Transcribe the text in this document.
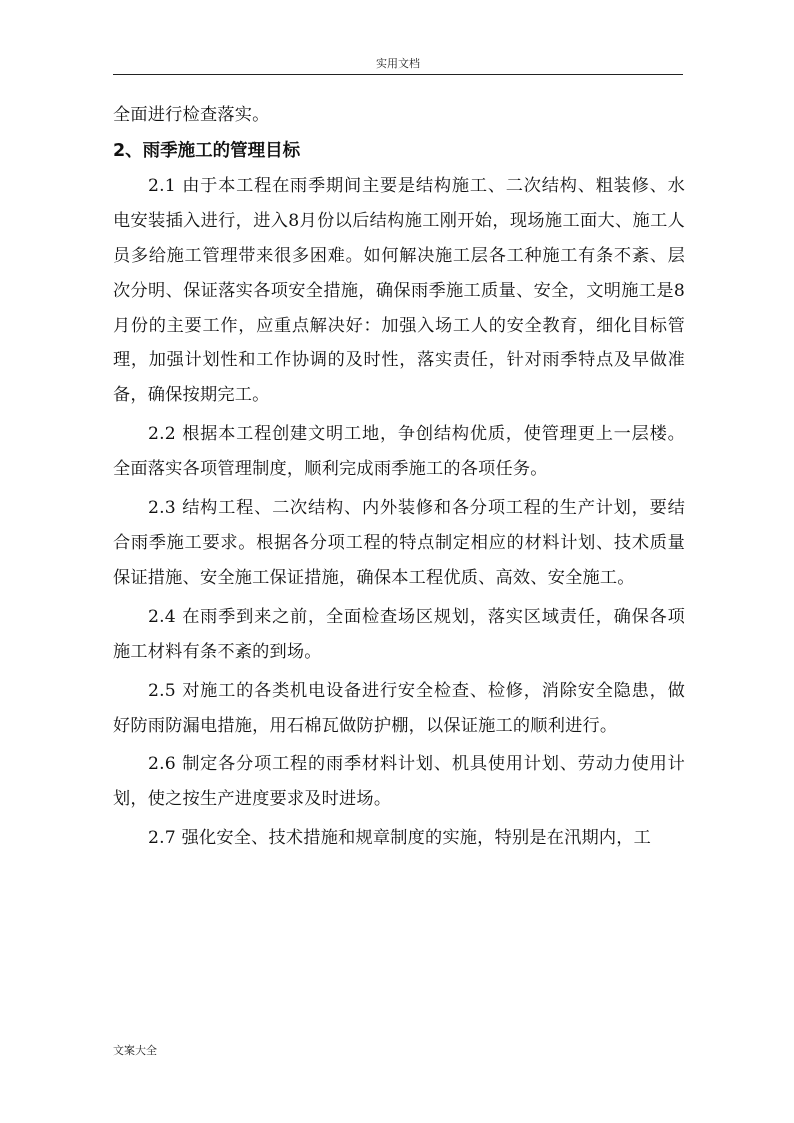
实用文档

全面进行检查落实。

2、雨季施工的管理目标

2.1 由于本工程在雨季期间主要是结构施工、二次结构、粗装修、水电安装插入进行，进入8月份以后结构施工刚开始，现场施工面大、施工人员多给施工管理带来很多困难。如何解决施工层各工种施工有条不紊、层次分明、保证落实各项安全措施，确保雨季施工质量、安全，文明施工是8月份的主要工作，应重点解决好：加强入场工人的安全教育，细化目标管理，加强计划性和工作协调的及时性，落实责任，针对雨季特点及早做准备，确保按期完工。

2.2 根据本工程创建文明工地，争创结构优质，使管理更上一层楼。全面落实各项管理制度，顺利完成雨季施工的各项任务。

2.3 结构工程、二次结构、内外装修和各分项工程的生产计划，要结合雨季施工要求。根据各分项工程的特点制定相应的材料计划、技术质量保证措施、安全施工保证措施，确保本工程优质、高效、安全施工。

2.4 在雨季到来之前，全面检查场区规划，落实区域责任，确保各项施工材料有条不紊的到场。

2.5 对施工的各类机电设备进行安全检查、检修，消除安全隐患，做好防雨防漏电措施，用石棉瓦做防护棚，以保证施工的顺利进行。

2.6 制定各分项工程的雨季材料计划、机具使用计划、劳动力使用计划，使之按生产进度要求及时进场。

2.7 强化安全、技术措施和规章制度的实施，特别是在汛期内，工

文案大全
